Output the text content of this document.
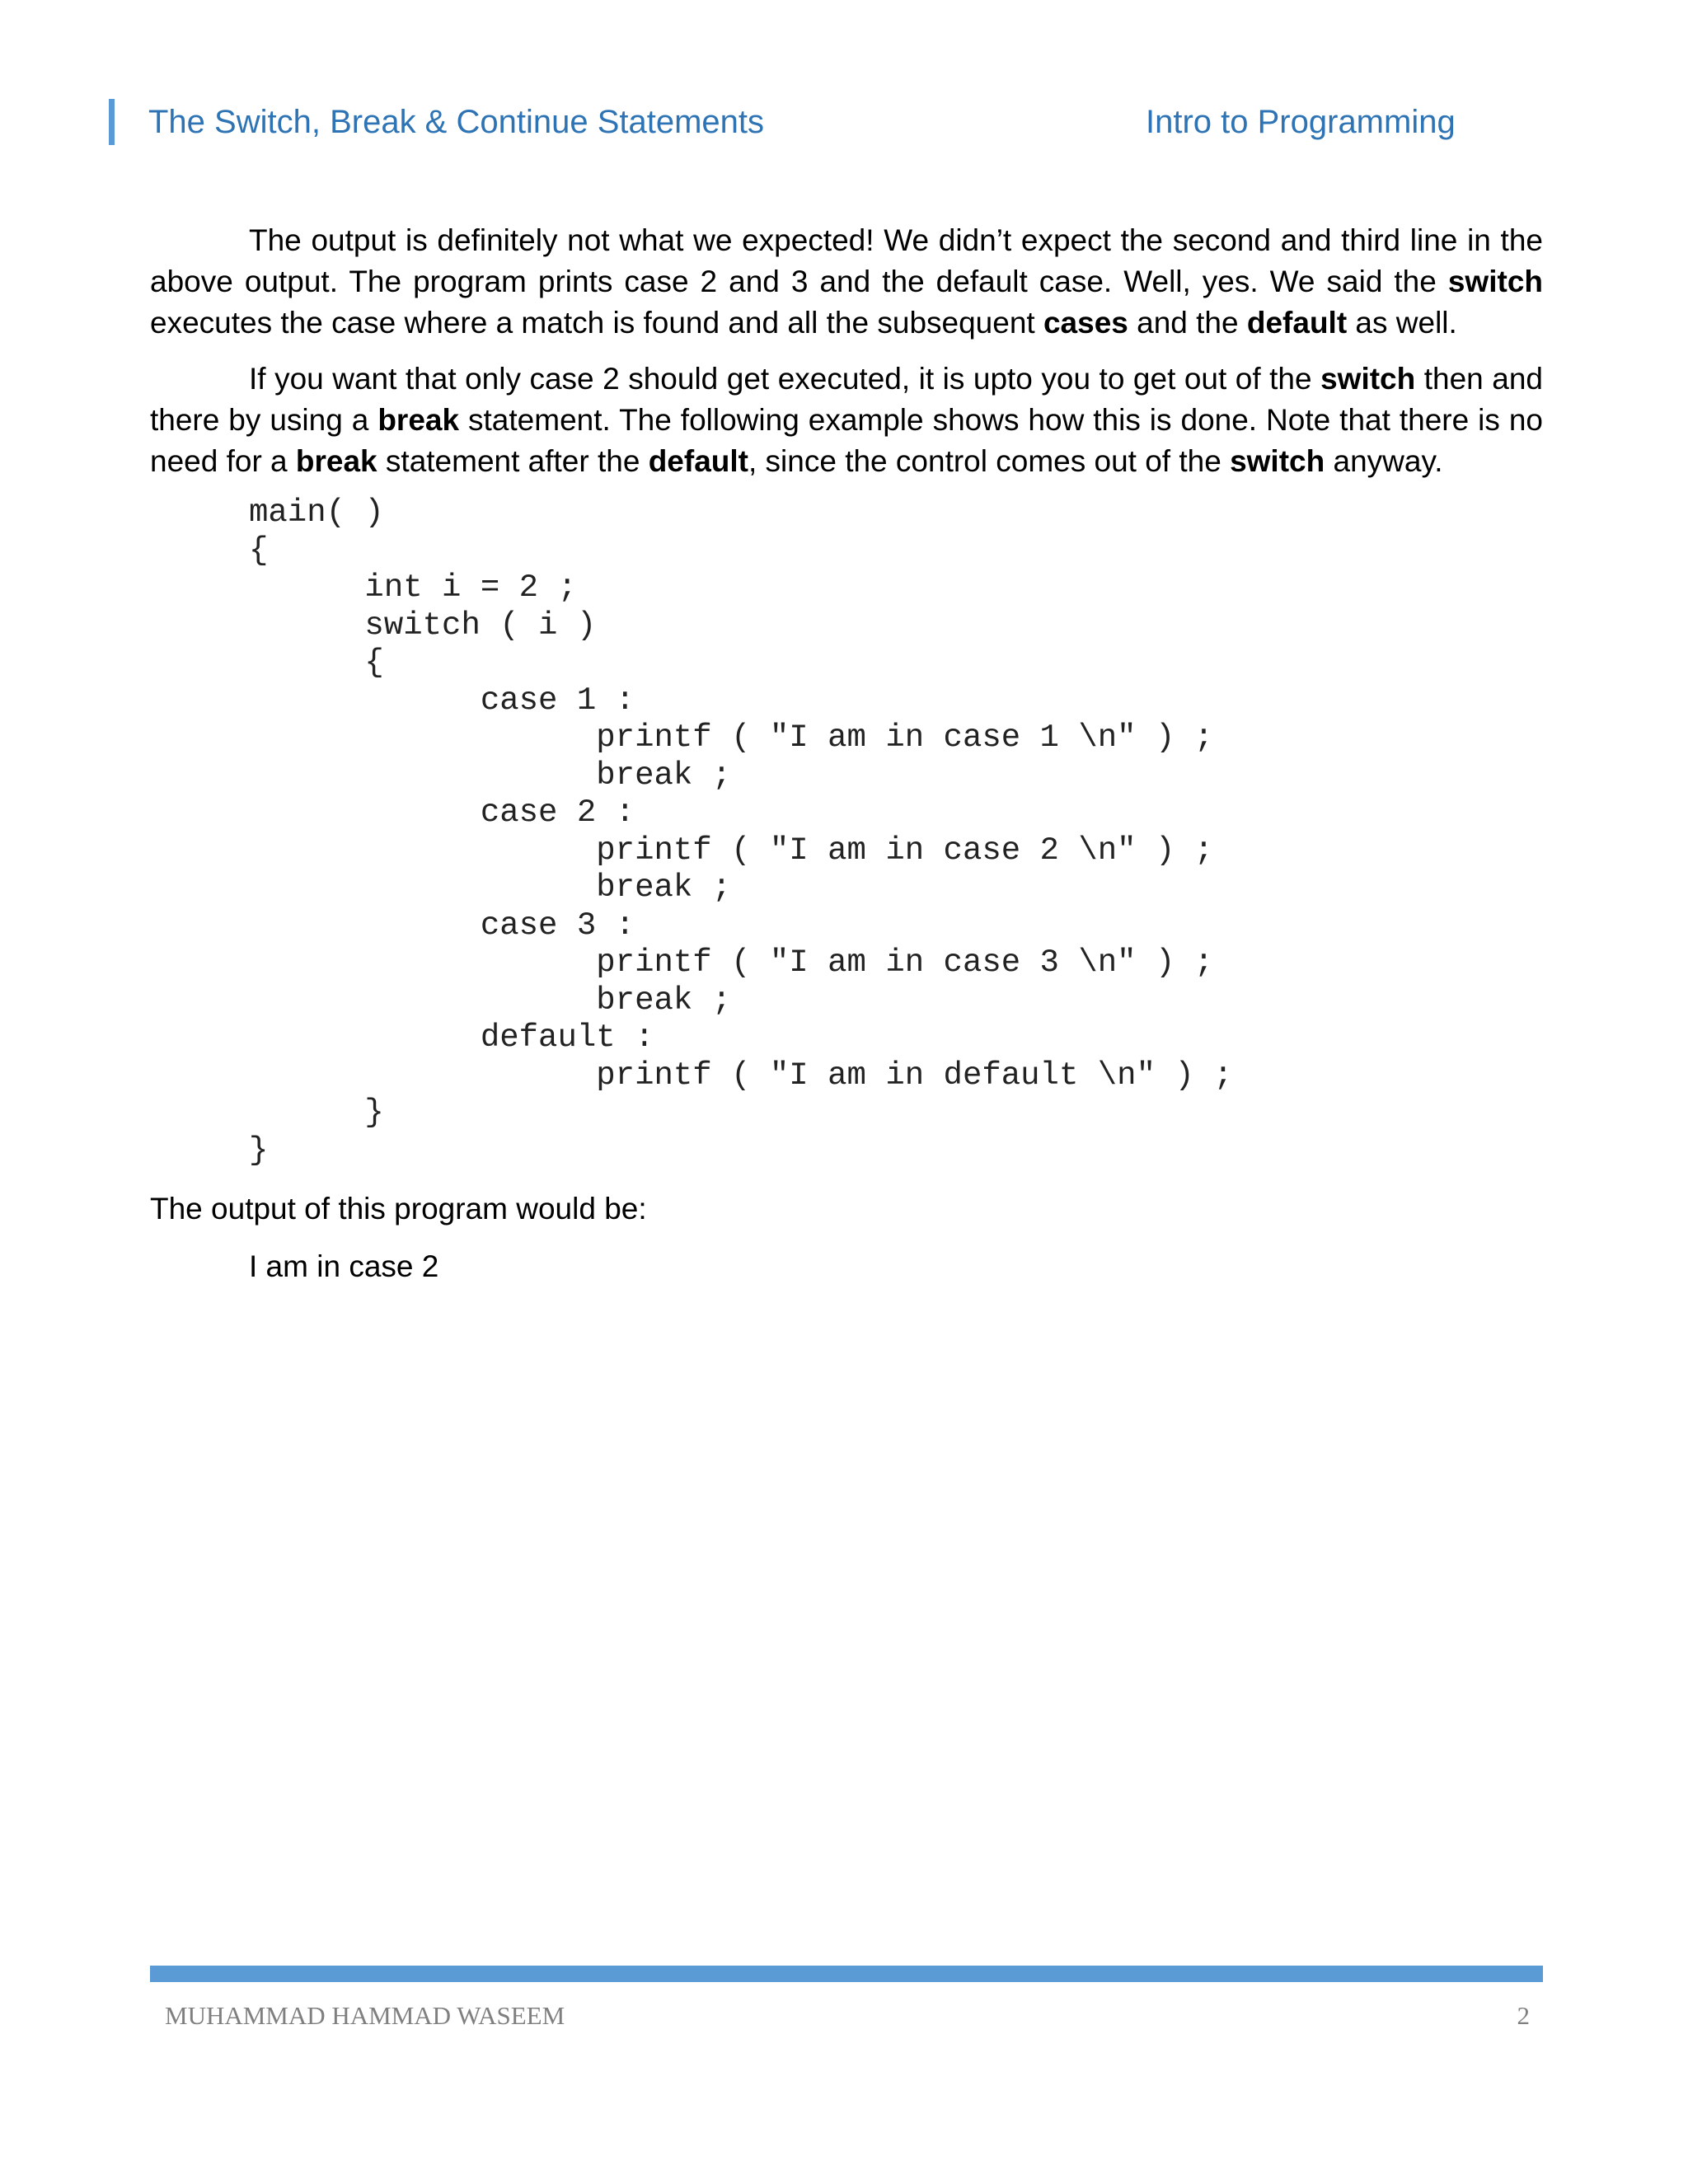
The Switch, Break & Continue Statements	Intro to Programming

The output is definitely not what we expected! We didn’t expect the second and third line in the above output. The program prints case 2 and 3 and the default case. Well, yes. We said the switch executes the case where a match is found and all the subsequent cases and the default as well.

If you want that only case 2 should get executed, it is upto you to get out of the switch then and there by using a break statement. The following example shows how this is done. Note that there is no need for a break statement after the default, since the control comes out of the switch anyway.

main( )
{
int i = 2 ;
switch ( i )
{
case 1 :
printf ( "I am in case 1 \n" ) ;
break ;
case 2 :
printf ( "I am in case 2 \n" ) ;
break ;
case 3 :
printf ( "I am in case 3 \n" ) ;
break ;
default :
printf ( "I am in default \n" ) ;
}
}
The output of this program would be:
I am in case 2
MUHAMMAD HAMMAD WASEEM	2
